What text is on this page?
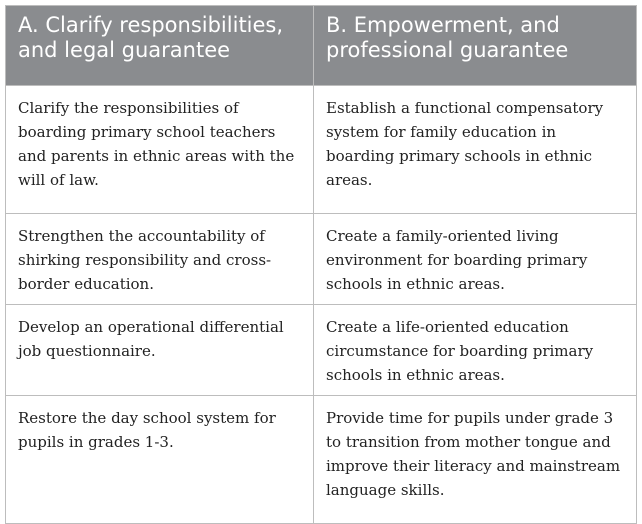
A. Clarify responsibilities, and legal guarantee	B. Empowerment, and professional guarantee
Clarify the responsibilities of boarding primary school teachers and parents in ethnic areas with the will of law.	Establish a functional compensatory system for family education in boarding primary schools in ethnic areas.
Strengthen the accountability of shirking responsibility and cross-border education.	Create a family-oriented living environment for boarding primary schools in ethnic areas.
Develop an operational differential job questionnaire.	Create a life-oriented education circumstance for boarding primary schools in ethnic areas.
Restore the day school system for pupils in grades 1-3.	Provide time for pupils under grade 3 to transition from mother tongue and improve their literacy and mainstream language skills.
